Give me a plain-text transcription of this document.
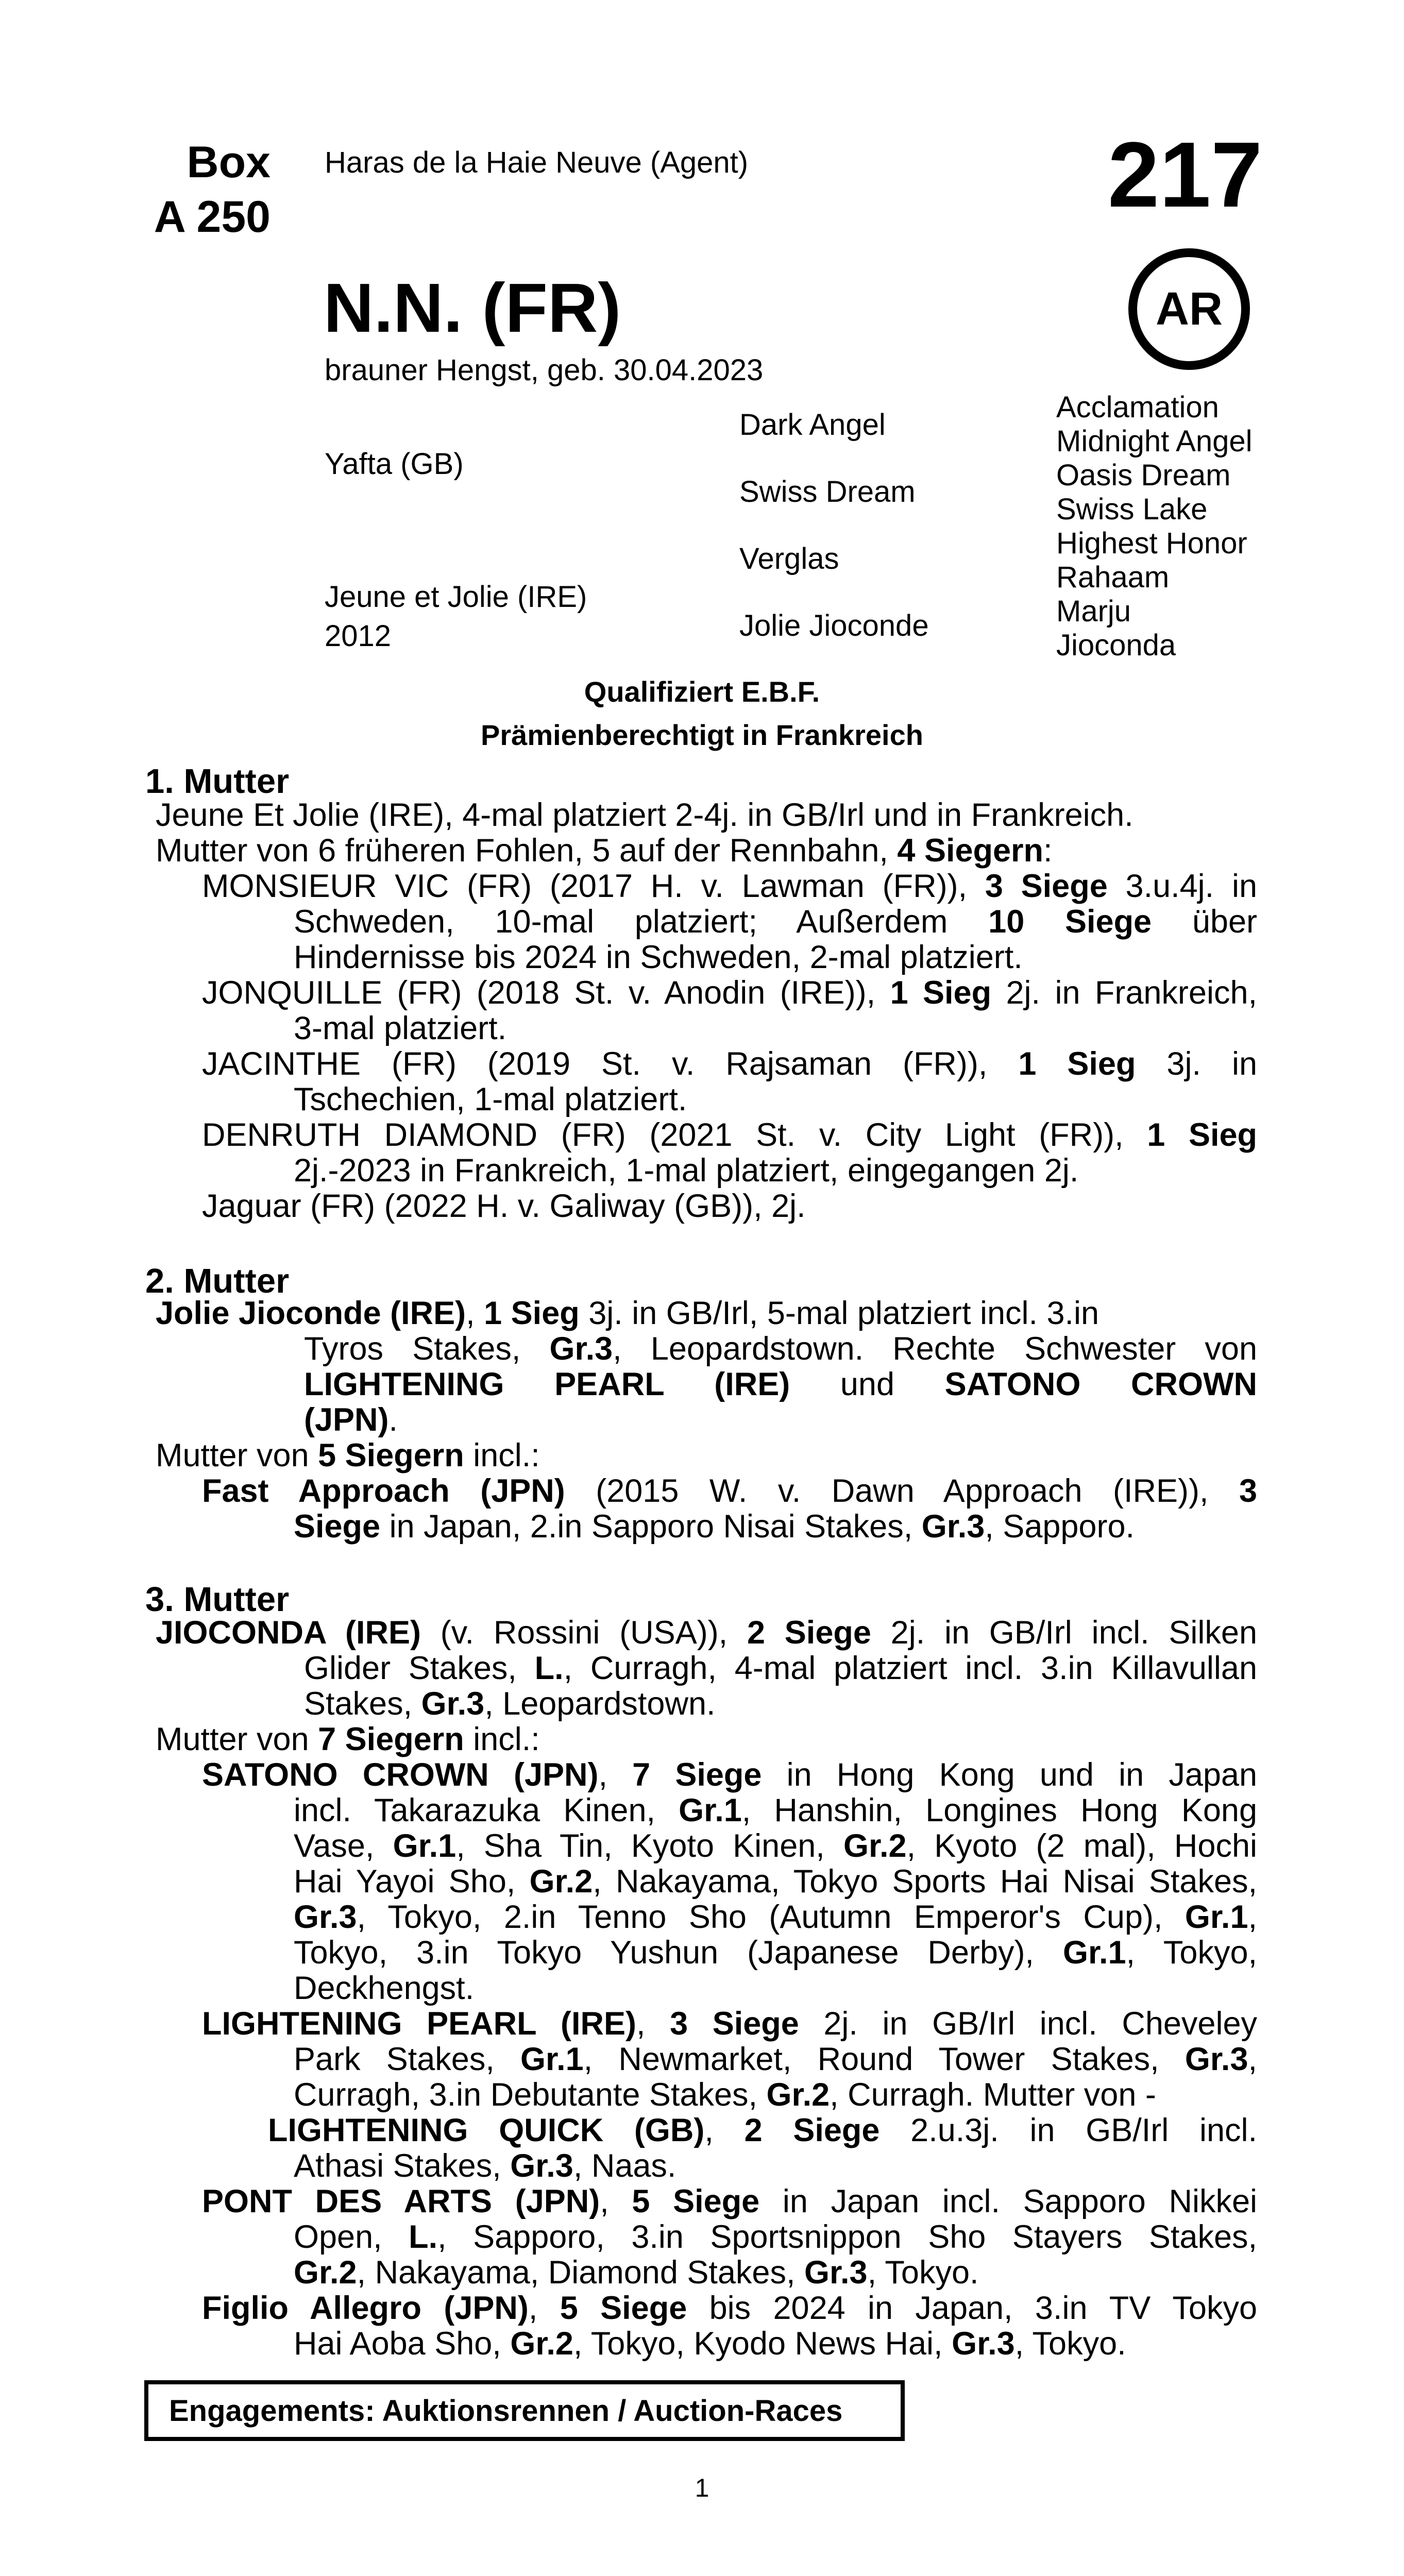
Box
A 250
Haras de la Haie Neuve (Agent)	217
AR
N.N. (FR)
brauner Hengst, geb. 30.04.2023
Yafta (GB)
Jeune et Jolie (IRE)
2012
Dark Angel
Swiss Dream
Verglas
Jolie Jioconde
Acclamation
Midnight Angel
Oasis Dream
Swiss Lake
Highest Honor
Rahaam
Marju
Jioconda
Qualifiziert E.B.F.
Prämienberechtigt in Frankreich
1. Mutter
Jeune Et Jolie (IRE), 4-mal platziert 2-4j. in GB/Irl und in Frankreich.
Mutter von 6 früheren Fohlen, 5 auf der Rennbahn, 4 Siegern:
MONSIEUR VIC (FR) (2017 H. v. Lawman (FR)), 3 Siege 3.u.4j. in
Schweden, 10-mal platziert; Außerdem 10 Siege über
Hindernisse bis 2024 in Schweden, 2-mal platziert.
JONQUILLE (FR) (2018 St. v. Anodin (IRE)), 1 Sieg 2j. in Frankreich,
3-mal platziert.
JACINTHE (FR) (2019 St. v. Rajsaman (FR)), 1 Sieg 3j. in
Tschechien, 1-mal platziert.
DENRUTH DIAMOND (FR) (2021 St. v. City Light (FR)), 1 Sieg
2j.-2023 in Frankreich, 1-mal platziert, eingegangen 2j.
Jaguar (FR) (2022 H. v. Galiway (GB)), 2j.
2. Mutter
Jolie Jioconde (IRE), 1 Sieg 3j. in GB/Irl, 5-mal platziert incl. 3.in
Tyros Stakes, Gr.3, Leopardstown. Rechte Schwester von
LIGHTENING PEARL (IRE) und SATONO CROWN
(JPN).
Mutter von 5 Siegern incl.:
Fast Approach (JPN) (2015 W. v. Dawn Approach (IRE)), 3
Siege in Japan, 2.in Sapporo Nisai Stakes, Gr.3, Sapporo.
3. Mutter
JIOCONDA (IRE) (v. Rossini (USA)), 2 Siege 2j. in GB/Irl incl. Silken
Glider Stakes, L., Curragh, 4-mal platziert incl. 3.in Killavullan
Stakes, Gr.3, Leopardstown.
Mutter von 7 Siegern incl.:
SATONO CROWN (JPN), 7 Siege in Hong Kong und in Japan
incl. Takarazuka Kinen, Gr.1, Hanshin, Longines Hong Kong
Vase, Gr.1, Sha Tin, Kyoto Kinen, Gr.2, Kyoto (2 mal), Hochi
Hai Yayoi Sho, Gr.2, Nakayama, Tokyo Sports Hai Nisai Stakes,
Gr.3, Tokyo, 2.in Tenno Sho (Autumn Emperor's Cup), Gr.1,
Tokyo, 3.in Tokyo Yushun (Japanese Derby), Gr.1, Tokyo,
Deckhengst.
LIGHTENING PEARL (IRE), 3 Siege 2j. in GB/Irl incl. Cheveley
Park Stakes, Gr.1, Newmarket, Round Tower Stakes, Gr.3,
Curragh, 3.in Debutante Stakes, Gr.2, Curragh. Mutter von -
LIGHTENING QUICK (GB), 2 Siege 2.u.3j. in GB/Irl incl.
Athasi Stakes, Gr.3, Naas.
PONT DES ARTS (JPN), 5 Siege in Japan incl. Sapporo Nikkei
Open, L., Sapporo, 3.in Sportsnippon Sho Stayers Stakes,
Gr.2, Nakayama, Diamond Stakes, Gr.3, Tokyo.
Figlio Allegro (JPN), 5 Siege bis 2024 in Japan, 3.in TV Tokyo
Hai Aoba Sho, Gr.2, Tokyo, Kyodo News Hai, Gr.3, Tokyo.
Engagements: Auktionsrennen / Auction-Races
1
